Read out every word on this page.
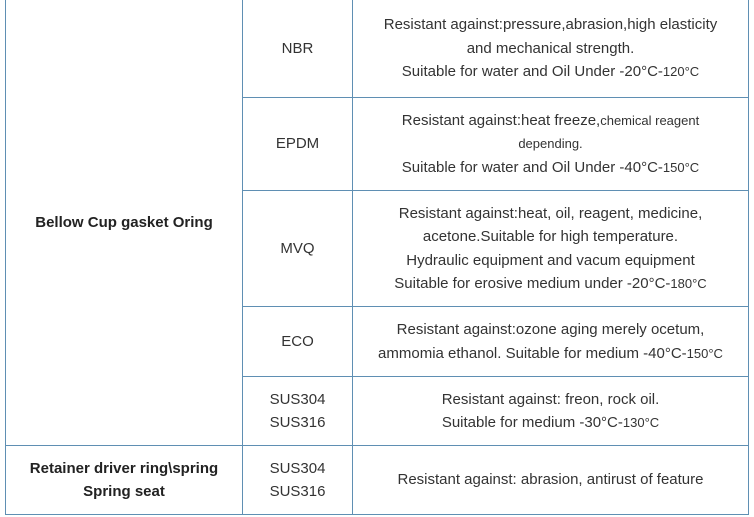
Bellow Cup gasket Oring	NBR	Resistant against:pressure,abrasion,high elasticity
and mechanical strength.
Suitable for water and Oil Under -20°C-120°C

	EPDM	Resistant against:heat freeze,chemical reagent
depending.
Suitable for water and Oil Under -40°C-150°C

	MVQ	Resistant against:heat, oil, reagent, medicine,
acetone.Suitable for high temperature.
Hydraulic equipment and vacum equipment
Suitable for erosive medium under -20°C-180°C

	ECO	Resistant against:ozone aging merely ocetum,
ammomia ethanol. Suitable for medium -40°C-150°C

	SUS304
SUS316	Resistant against: freon, rock oil.
Suitable for medium -30°C-130°C

Retainer driver ring\spring
Spring seat	SUS304
SUS316	Resistant against: abrasion, antirust of feature
